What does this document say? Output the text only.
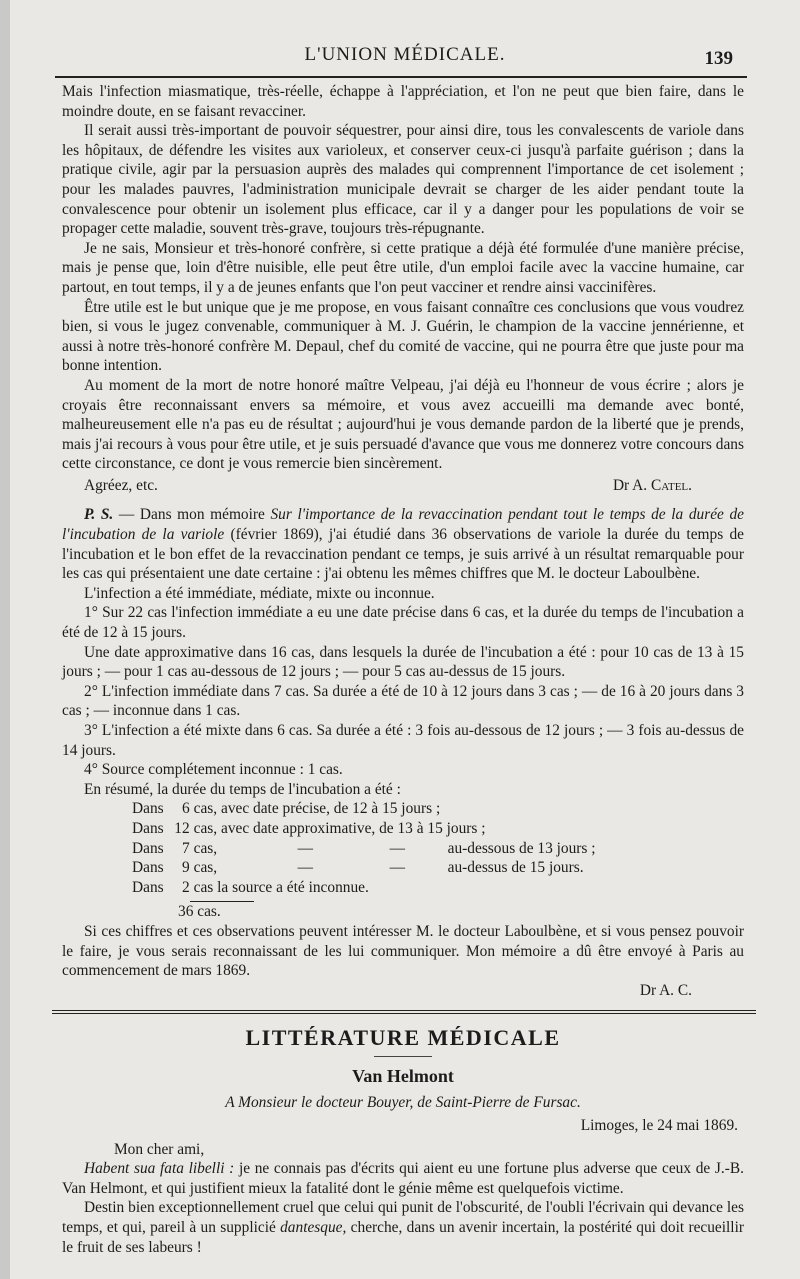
L'UNION MÉDICALE.	139

Mais l'infection miasmatique, très-réelle, échappe à l'appréciation, et l'on ne peut que bien faire, dans le moindre doute, en se faisant revacciner.

Il serait aussi très-important de pouvoir séquestrer, pour ainsi dire, tous les convalescents de variole dans les hôpitaux, de défendre les visites aux varioleux, et conserver ceux-ci jusqu'à parfaite guérison ; dans la pratique civile, agir par la persuasion auprès des malades qui comprennent l'importance de cet isolement ; pour les malades pauvres, l'administration municipale devrait se charger de les aider pendant toute la convalescence pour obtenir un isolement plus efficace, car il y a danger pour les populations de voir se propager cette maladie, souvent très-grave, toujours très-répugnante.

Je ne sais, Monsieur et très-honoré confrère, si cette pratique a déjà été formulée d'une manière précise, mais je pense que, loin d'être nuisible, elle peut être utile, d'un emploi facile avec la vaccine humaine, car partout, en tout temps, il y a de jeunes enfants que l'on peut vacciner et rendre ainsi vaccinifères.

Être utile est le but unique que je me propose, en vous faisant connaître ces conclusions que vous voudrez bien, si vous le jugez convenable, communiquer à M. J. Guérin, le champion de la vaccine jennérienne, et aussi à notre très-honoré confrère M. Depaul, chef du comité de vaccine, qui ne pourra être que juste pour ma bonne intention.

Au moment de la mort de notre honoré maître Velpeau, j'ai déjà eu l'honneur de vous écrire ; alors je croyais être reconnaissant envers sa mémoire, et vous avez accueilli ma demande avec bonté, malheureusement elle n'a pas eu de résultat ; aujourd'hui je vous demande pardon de la liberté que je prends, mais j'ai recours à vous pour être utile, et je suis persuadé d'avance que vous me donnerez votre concours dans cette circonstance, ce dont je vous remercie bien sincèrement.

Agréez, etc.	Dr A. Catel.

P. S. — Dans mon mémoire Sur l'importance de la revaccination pendant tout le temps de la durée de l'incubation de la variole (février 1869), j'ai étudié dans 36 observations de variole la durée du temps de l'incubation et le bon effet de la revaccination pendant ce temps, je suis arrivé à un résultat remarquable pour les cas qui présentaient une date certaine : j'ai obtenu les mêmes chiffres que M. le docteur Laboulbène.

L'infection a été immédiate, médiate, mixte ou inconnue.

1° Sur 22 cas l'infection immédiate a eu une date précise dans 6 cas, et la durée du temps de l'incubation a été de 12 à 15 jours.

Une date approximative dans 16 cas, dans lesquels la durée de l'incubation a été : pour 10 cas de 13 à 15 jours ; — pour 1 cas au-dessous de 12 jours ; — pour 5 cas au-dessus de 15 jours.

2° L'infection immédiate dans 7 cas. Sa durée a été de 10 à 12 jours dans 3 cas ; — de 16 à 20 jours dans 3 cas ; — inconnue dans 1 cas.

3° L'infection a été mixte dans 6 cas. Sa durée a été : 3 fois au-dessous de 12 jours ; — 3 fois au-dessus de 14 jours.

4° Source complétement inconnue : 1 cas.

En résumé, la durée du temps de l'incubation a été :

Dans	6	cas, avec date précise, de 12 à 15 jours ;			
Dans	12	cas, avec date approximative, de 13 à 15 jours ;			
Dans	7	cas,	—	—	au-dessous de 13 jours ;
Dans	9	cas,	—	—	au-dessus de 15 jours.
Dans	2	cas la source a été inconnue.			

36 cas.

Si ces chiffres et ces observations peuvent intéresser M. le docteur Laboulbène, et si vous pensez pouvoir le faire, je vous serais reconnaissant de les lui communiquer. Mon mémoire a dû être envoyé à Paris au commencement de mars 1869.

Dr A. C.

LITTÉRATURE MÉDICALE

Van Helmont

A Monsieur le docteur Bouyer, de Saint-Pierre de Fursac.

Limoges, le 24 mai 1869.

Mon cher ami,

Habent sua fata libelli : je ne connais pas d'écrits qui aient eu une fortune plus adverse que ceux de J.-B. Van Helmont, et qui justifient mieux la fatalité dont le génie même est quelquefois victime.

Destin bien exceptionnellement cruel que celui qui punit de l'obscurité, de l'oubli l'écrivain qui devance les temps, et qui, pareil à un supplicié dantesque, cherche, dans un avenir incertain, la postérité qui doit recueillir le fruit de ses labeurs !
